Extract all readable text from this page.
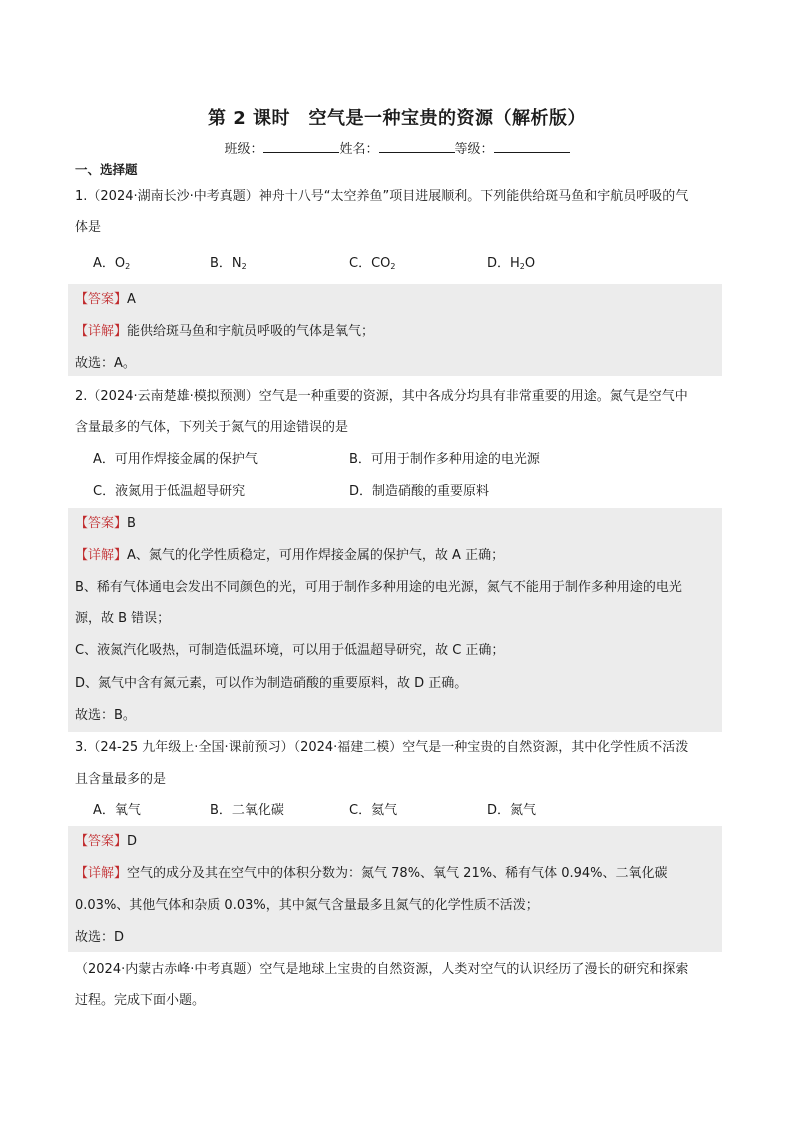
第 2 课时　空气是一种宝贵的资源（解析版）
班级：	姓名：	等级：
一、选择题
1.（2024·湖南长沙·中考真题）神舟十八号“太空养鱼”项目进展顺利。下列能供给斑马鱼和宇航员呼吸的气
体是
A．$O_2$	B．$N_2$	C．$CO_2$	D．$H_2O$
【答案】A
【详解】能供给斑马鱼和宇航员呼吸的气体是氧气；
故选：A。
2.（2024·云南楚雄·模拟预测）空气是一种重要的资源，其中各成分均具有非常重要的用途。氮气是空气中
含量最多的气体，下列关于氮气的用途错误的是
A．可用作焊接金属的保护气	B．可用于制作多种用途的电光源
C．液氮用于低温超导研究	D．制造硝酸的重要原料
【答案】B
【详解】A、氮气的化学性质稳定，可用作焊接金属的保护气，故 A 正确；
B、稀有气体通电会发出不同颜色的光，可用于制作多种用途的电光源，氮气不能用于制作多种用途的电光
源，故 B 错误；
C、液氮汽化吸热，可制造低温环境，可以用于低温超导研究，故 C 正确；
D、氮气中含有氮元素，可以作为制造硝酸的重要原料，故 D 正确。
故选：B。
3.（24-25 九年级上·全国·课前预习）（2024·福建二模）空气是一种宝贵的自然资源，其中化学性质不活泼
且含量最多的是
A．氧气	B．二氧化碳	C．氦气	D．氮气
【答案】D
【详解】空气的成分及其在空气中的体积分数为：氮气 78%、氧气 21%、稀有气体 0.94%、二氧化碳
0.03%、其他气体和杂质 0.03%，其中氮气含量最多且氮气的化学性质不活泼；
故选：D
（2024·内蒙古赤峰·中考真题）空气是地球上宝贵的自然资源，人类对空气的认识经历了漫长的研究和探索
过程。完成下面小题。
